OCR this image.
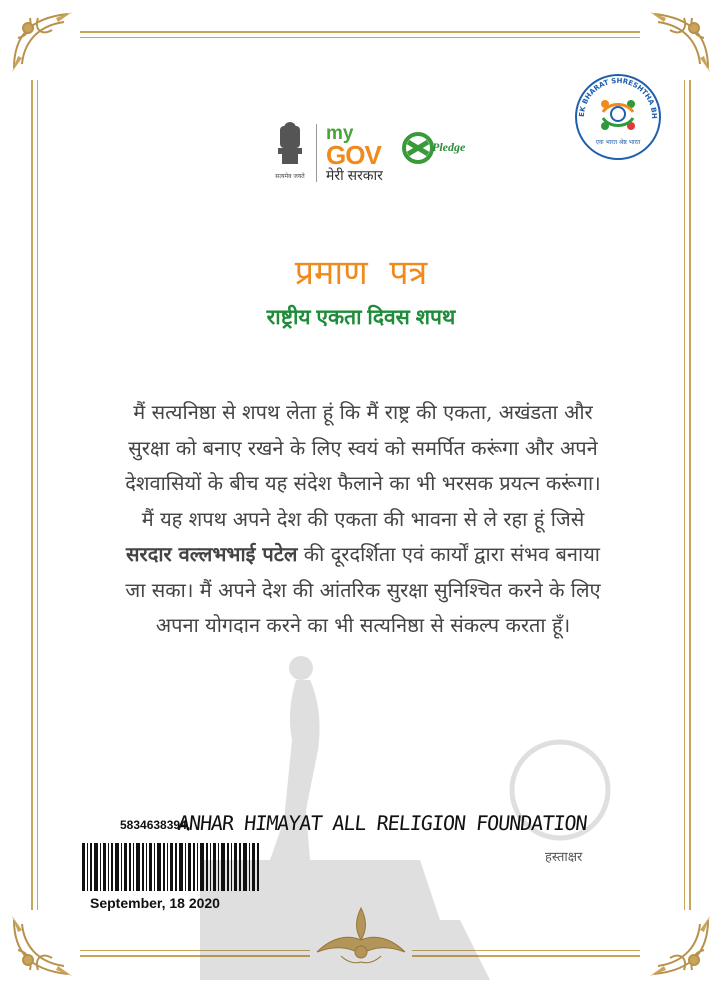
सत्यमेव जयते
my
GOV
मेरी सरकार
Pledge
EK BHARAT SHRESHTHA BH
एक भारत श्रेष्ठ भारत
प्रमाण पत्र
राष्ट्रीय एकता दिवस शपथ
मैं सत्यनिष्ठा से शपथ लेता हूं कि मैं राष्ट्र की एकता, अखंडता और सुरक्षा को बनाए रखने के लिए स्वयं को समर्पित करूंगा और अपने देशवासियों के बीच यह संदेश फैलाने का भी भरसक प्रयत्न करूंगा। मैं यह शपथ अपने देश की एकता की भावना से ले रहा हूं जिसे सरदार वल्लभभाई पटेल की दूरदर्शिता एवं कार्यों द्वारा संभव बनाया जा सका। मैं अपने देश की आंतरिक सुरक्षा सुनिश्चित करने के लिए अपना योगदान करने का भी सत्यनिष्ठा से संकल्प करता हूँ।
5834638394,
ANHAR HIMAYAT ALL RELIGION FOUNDATION
हस्ताक्षर
September, 18 2020
